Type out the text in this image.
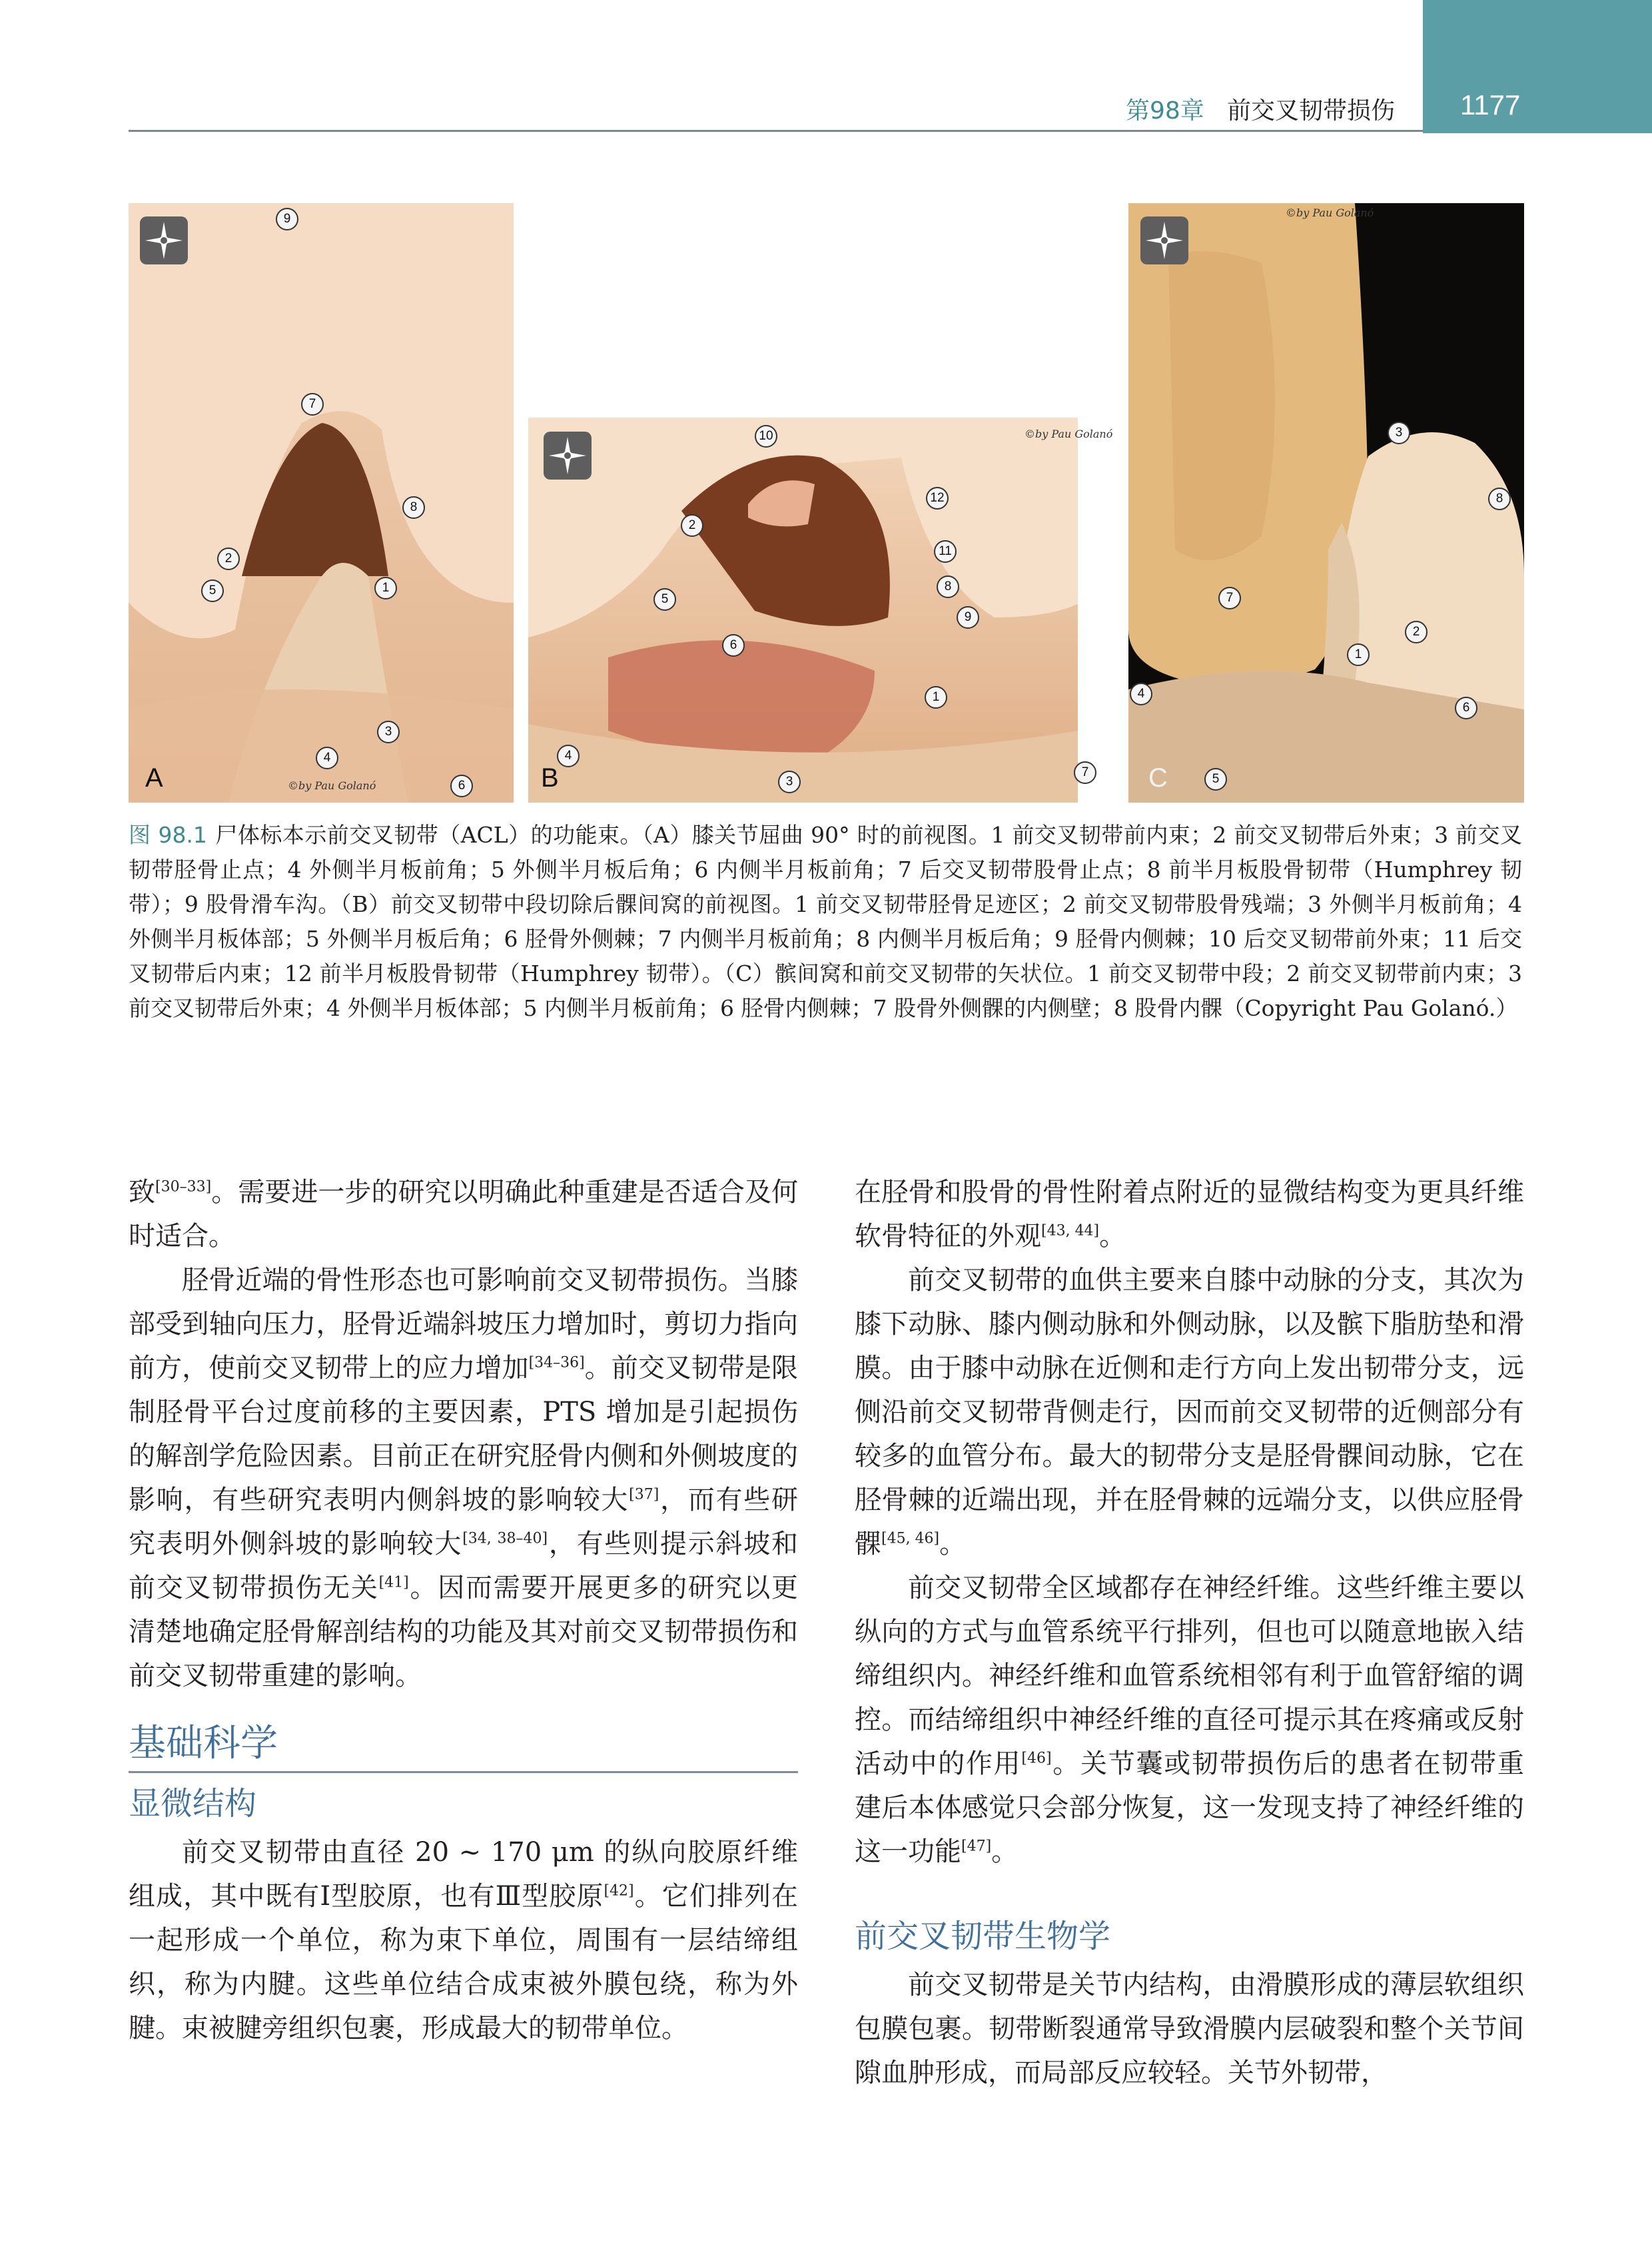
1177
第98章 前交叉韧带损伤
9
7
8
2
5	1
4
3
6
A	©by Pau Golanó
©by Pau Golanó
10
12
2
11
5
8
9
6
1
4
3
7
B
©by Pau Golanó
3
8
7
2
1
4
6
5
C
图 98.1 尸体标本示前交叉韧带（ACL）的功能束。（A）膝关节屈曲 90° 时的前视图。1 前交叉韧带前内束；2 前交叉韧带后外束；3 前交叉韧带胫骨止点；4 外侧半月板前角；5 外侧半月板后角；6 内侧半月板前角；7 后交叉韧带股骨止点；8 前半月板股骨韧带（Humphrey 韧带）；9 股骨滑车沟。（B）前交叉韧带中段切除后髁间窝的前视图。1 前交叉韧带胫骨足迹区；2 前交叉韧带股骨残端；3 外侧半月板前角；4 外侧半月板体部；5 外侧半月板后角；6 胫骨外侧棘；7 内侧半月板前角；8 内侧半月板后角；9 胫骨内侧棘；10 后交叉韧带前外束；11 后交叉韧带后内束；12 前半月板股骨韧带（Humphrey 韧带）。（C）髌间窝和前交叉韧带的矢状位。1 前交叉韧带中段；2 前交叉韧带前内束；3 前交叉韧带后外束；4 外侧半月板体部；5 内侧半月板前角；6 胫骨内侧棘；7 股骨外侧髁的内侧壁；8 股骨内髁（Copyright Pau Golanó.）

致[30–33]。需要进一步的研究以明确此种重建是否适合及何时适合。

胫骨近端的骨性形态也可影响前交叉韧带损伤。当膝部受到轴向压力，胫骨近端斜坡压力增加时，剪切力指向前方，使前交叉韧带上的应力增加[34–36]。前交叉韧带是限制胫骨平台过度前移的主要因素，PTS 增加是引起损伤的解剖学危险因素。目前正在研究胫骨内侧和外侧坡度的影响，有些研究表明内侧斜坡的影响较大[37]，而有些研究表明外侧斜坡的影响较大[34, 38–40]，有些则提示斜坡和前交叉韧带损伤无关[41]。因而需要开展更多的研究以更清楚地确定胫骨解剖结构的功能及其对前交叉韧带损伤和前交叉韧带重建的影响。

基础科学
显微结构

前交叉韧带由直径 20 ~ 170 μm 的纵向胶原纤维组成，其中既有Ⅰ型胶原，也有Ⅲ型胶原[42]。它们排列在一起形成一个单位，称为束下单位，周围有一层结缔组织，称为内腱。这些单位结合成束被外膜包绕，称为外腱。束被腱旁组织包裹，形成最大的韧带单位。

在胫骨和股骨的骨性附着点附近的显微结构变为更具纤维软骨特征的外观[43, 44]。

前交叉韧带的血供主要来自膝中动脉的分支，其次为膝下动脉、膝内侧动脉和外侧动脉，以及髌下脂肪垫和滑膜。由于膝中动脉在近侧和走行方向上发出韧带分支，远侧沿前交叉韧带背侧走行，因而前交叉韧带的近侧部分有较多的血管分布。最大的韧带分支是胫骨髁间动脉，它在胫骨棘的近端出现，并在胫骨棘的远端分支，以供应胫骨髁[45, 46]。

前交叉韧带全区域都存在神经纤维。这些纤维主要以纵向的方式与血管系统平行排列，但也可以随意地嵌入结缔组织内。神经纤维和血管系统相邻有利于血管舒缩的调控。而结缔组织中神经纤维的直径可提示其在疼痛或反射活动中的作用[46]。关节囊或韧带损伤后的患者在韧带重建后本体感觉只会部分恢复，这一发现支持了神经纤维的这一功能[47]。

前交叉韧带生物学

前交叉韧带是关节内结构，由滑膜形成的薄层软组织包膜包裹。韧带断裂通常导致滑膜内层破裂和整个关节间隙血肿形成，而局部反应较轻。关节外韧带，
